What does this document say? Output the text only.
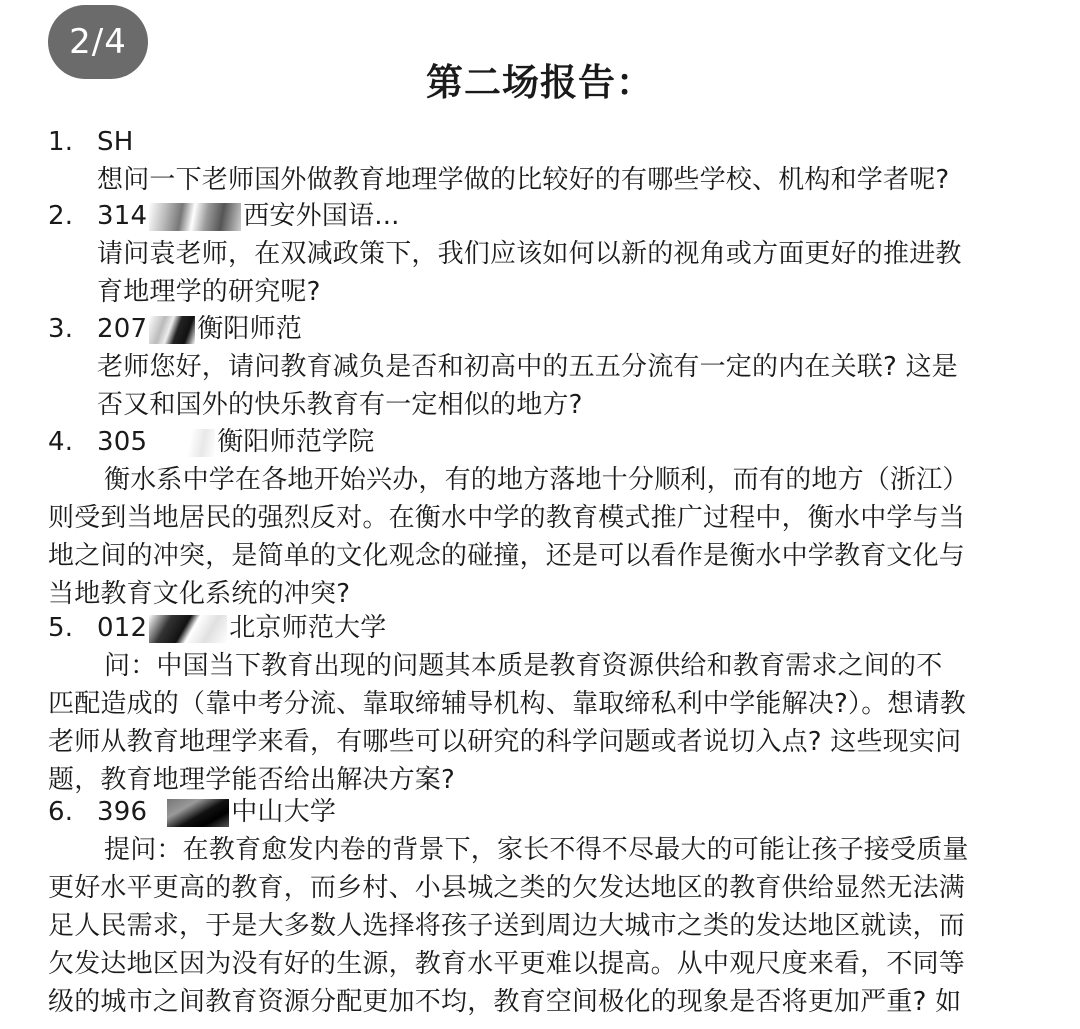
2/4
第二场报告：
1. SH
想问一下老师国外做教育地理学做的比较好的有哪些学校、机构和学者呢?
2. 314	西安外国语...
请问袁老师，在双减政策下，我们应该如何以新的视角或方面更好的推进教
育地理学的研究呢?
3. 207 衡阳师范
老师您好，请问教育减负是否和初高中的五五分流有一定的内在关联? 这是
否又和国外的快乐教育有一定相似的地方?
4. 305	衡阳师范学院
衡水系中学在各地开始兴办，有的地方落地十分顺利，而有的地方（浙江）
则受到当地居民的强烈反对。在衡水中学的教育模式推广过程中，衡水中学与当
地之间的冲突，是简单的文化观念的碰撞，还是可以看作是衡水中学教育文化与
当地教育文化系统的冲突?
5. 012	北京师范大学
问：中国当下教育出现的问题其本质是教育资源供给和教育需求之间的不
匹配造成的（靠中考分流、靠取缔辅导机构、靠取缔私利中学能解决?）。想请教
老师从教育地理学来看，有哪些可以研究的科学问题或者说切入点? 这些现实问
题，教育地理学能否给出解决方案?
6. 396	中山大学
提问：在教育愈发内卷的背景下，家长不得不尽最大的可能让孩子接受质量
更好水平更高的教育，而乡村、小县城之类的欠发达地区的教育供给显然无法满
足人民需求，于是大多数人选择将孩子送到周边大城市之类的发达地区就读，而
欠发达地区因为没有好的生源，教育水平更难以提高。从中观尺度来看，不同等
级的城市之间教育资源分配更加不均，教育空间极化的现象是否将更加严重? 如
